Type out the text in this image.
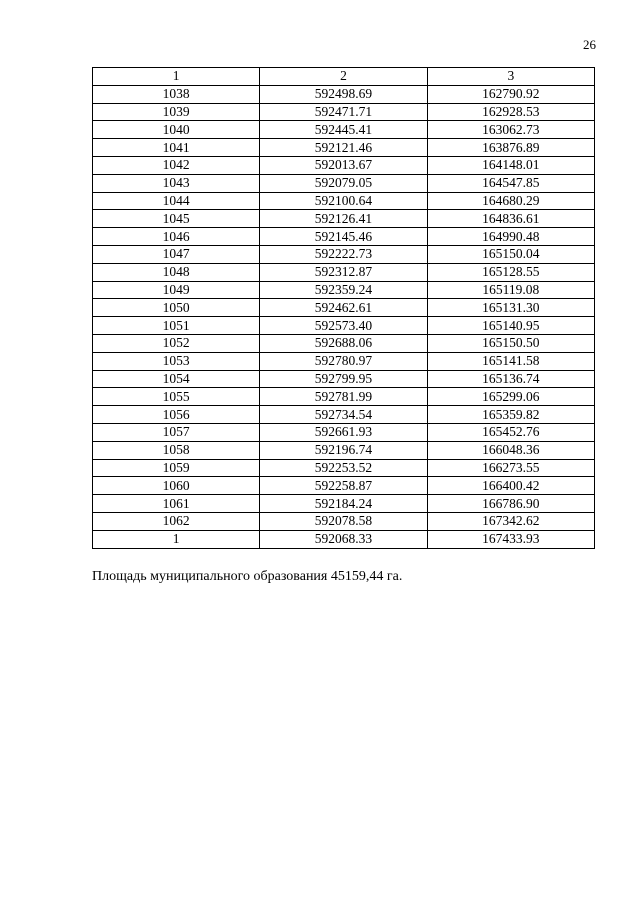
26
1	2	3
1038	592498.69	162790.92
1039	592471.71	162928.53
1040	592445.41	163062.73
1041	592121.46	163876.89
1042	592013.67	164148.01
1043	592079.05	164547.85
1044	592100.64	164680.29
1045	592126.41	164836.61
1046	592145.46	164990.48
1047	592222.73	165150.04
1048	592312.87	165128.55
1049	592359.24	165119.08
1050	592462.61	165131.30
1051	592573.40	165140.95
1052	592688.06	165150.50
1053	592780.97	165141.58
1054	592799.95	165136.74
1055	592781.99	165299.06
1056	592734.54	165359.82
1057	592661.93	165452.76
1058	592196.74	166048.36
1059	592253.52	166273.55
1060	592258.87	166400.42
1061	592184.24	166786.90
1062	592078.58	167342.62
1	592068.33	167433.93
Площадь муниципального образования 45159,44 га.
